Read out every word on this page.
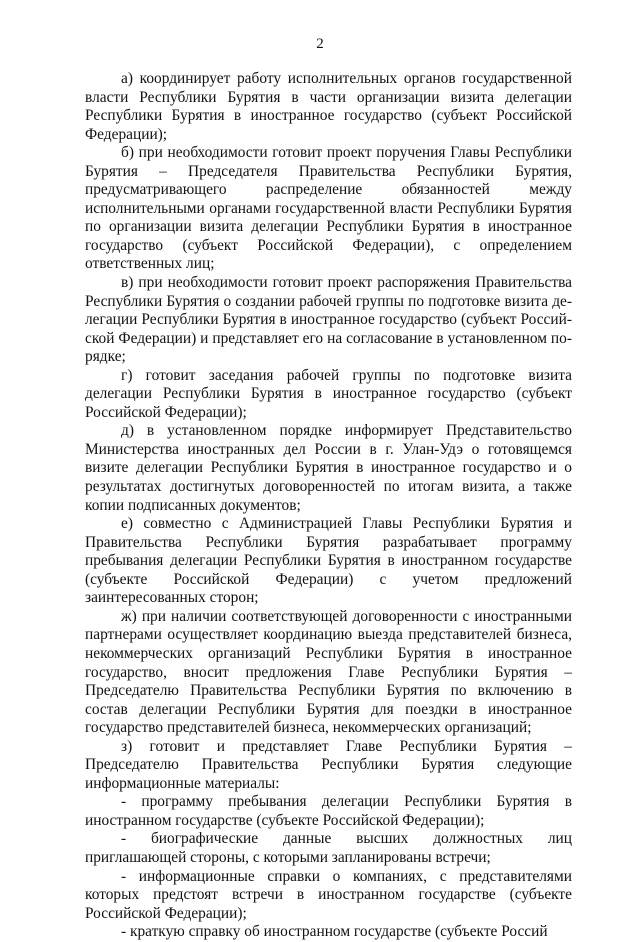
2

а) координирует работу исполнительных органов государственной власти Республики Бурятия в части организации визита делегации Республики Бурятия в иностранное государство (субъект Российской Федерации);

б) при необходимости готовит проект поручения Главы Республики Бурятия – Председателя Правительства Республики Бурятия, предусматривающего распределение обязанностей между исполнительными органами государственной власти Республики Бурятия по организации визита делегации Республики Бурятия в иностранное государство (субъект Российской Федерации), с определением ответственных лиц;

в) при необходимости готовит проект распоряжения Правительства Республики Бурятия о создании рабочей группы по подготовке визита делегации Республики Бурятия в иностранное государство (субъект Российской Федерации) и представляет его на согласование в установленном порядке;

г) готовит заседания рабочей группы по подготовке визита делегации Республики Бурятия в иностранное государство (субъект Российской Федерации);

д) в установленном порядке информирует Представительство Министерства иностранных дел России в г. Улан-Удэ о готовящемся визите делегации Республики Бурятия в иностранное государство и о результатах достигнутых договоренностей по итогам визита, а также копии подписанных документов;

е) совместно с Администрацией Главы Республики Бурятия и Правительства Республики Бурятия разрабатывает программу пребывания делегации Республики Бурятия в иностранном государстве (субъекте Российской Федерации) с учетом предложений заинтересованных сторон;

ж) при наличии соответствующей договоренности с иностранными партнерами осуществляет координацию выезда представителей бизнеса, некоммерческих организаций Республики Бурятия в иностранное государство, вносит предложения Главе Республики Бурятия – Председателю Правительства Республики Бурятия по включению в состав делегации Республики Бурятия для поездки в иностранное государство представителей бизнеса, некоммерческих организаций;

з) готовит и представляет Главе Республики Бурятия – Председателю Правительства Республики Бурятия следующие информационные материалы:

- программу пребывания делегации Республики Бурятия в иностранном государстве (субъекте Российской Федерации);

- биографические данные высших должностных лиц приглашающей стороны, с которыми запланированы встречи;

- информационные справки о компаниях, с представителями которых предстоят встречи в иностранном государстве (субъекте Российской Федерации);

- краткую справку об иностранном государстве (субъекте Россий
